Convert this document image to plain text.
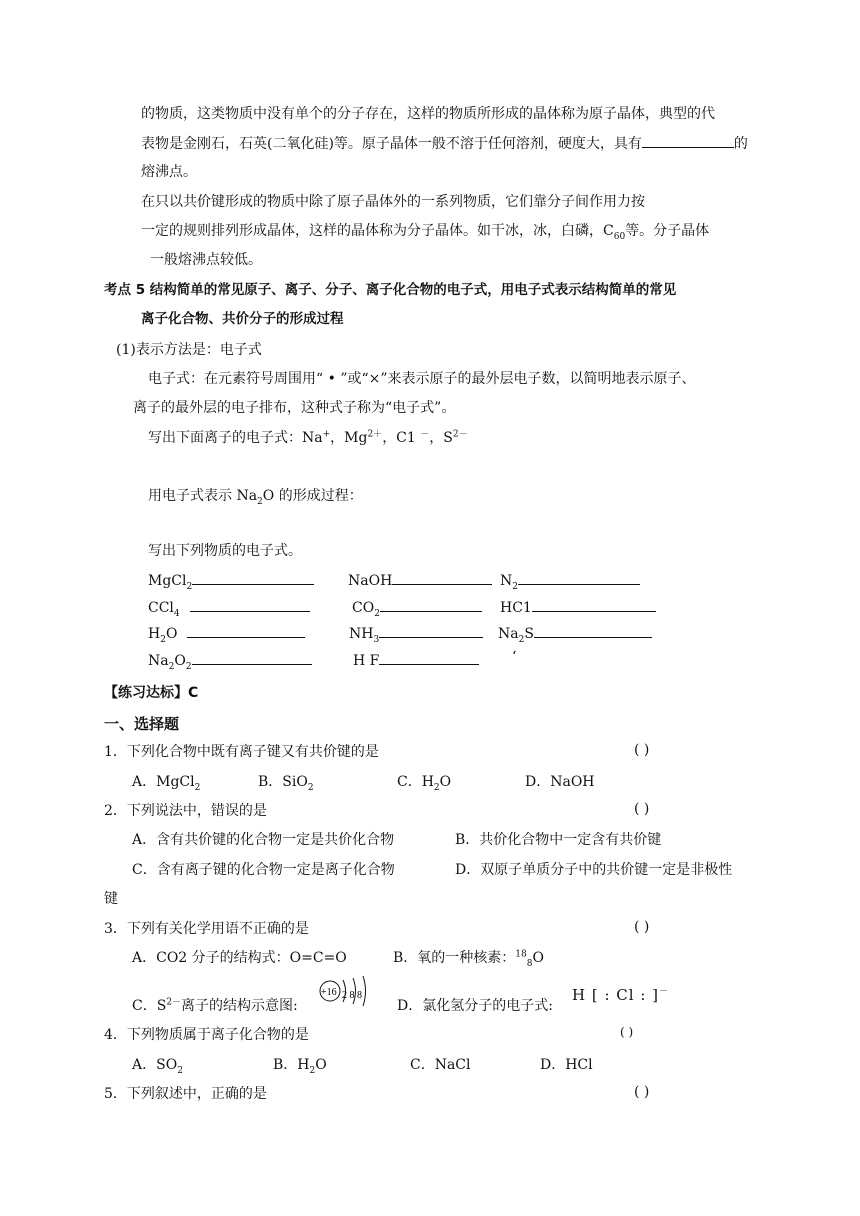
的物质，这类物质中没有单个的分子存在，这样的物质所形成的晶体称为原子晶体，典型的代
表物是金刚石，石英(二氧化硅)等。原子晶体一般不溶于任何溶剂，硬度大，具有	的
熔沸点。
在只以共价键形成的物质中除了原子晶体外的一系列物质，它们靠分子间作用力按
一定的规则排列形成晶体，这样的晶体称为分子晶体。如干冰，冰，白磷，$C_{60}$等。分子晶体
一般熔沸点较低。
考点 5 结构简单的常见原子、离子、分子、离子化合物的电子式，用电子式表示结构简单的常见
离子化合物、共价分子的形成过程
(1)表示方法是：电子式
电子式：在元素符号周围用“ • ”或“×”来表示原子的最外层电子数，以简明地表示原子、
离子的最外层的电子排布，这种式子称为“电子式”。
写出下面离子的电子式：Na+，$Mg^{2+}$，C1 －，$S^{2-}$
用电子式表示 $Na_2O$ 的形成过程：
写出下列物质的电子式。
MgCl$_2$	NaOH	$N_2$
CCl$_4$	$CO_2$	HC1
$H_2O$	$NH_3$	$Na_2S$
$Na_2O_2$	H F	‘
【练习达标】C
一、选择题
1．下列化合物中既有离子键又有共价键的是	( )
A．MgCl$_2$	B．SiO$_2$	C．$H_2O$	D．NaOH
2．下列说法中，错误的是	( )
A．含有共价键的化合物一定是共价化合物	B．共价化合物中一定含有共价键
C．含有离子键的化合物一定是离子化合物	D．双原子单质分子中的共价键一定是非极性
键
3．下列有关化学用语不正确的是	( )
A．CO2 分子的结构式：O=C=O	B．氧的一种核素：$^{18}_8$O
C．$S^{2-}$离子的结构示意图:
+16 2 8 8
D．氯化氢分子的电子式:
H [ : Cl : ]－
4．下列物质属于离子化合物的是	( )
A．$SO_2$	B．$H_2O$	C．NaCl	D．HCl
5．下列叙述中，正确的是	( )
